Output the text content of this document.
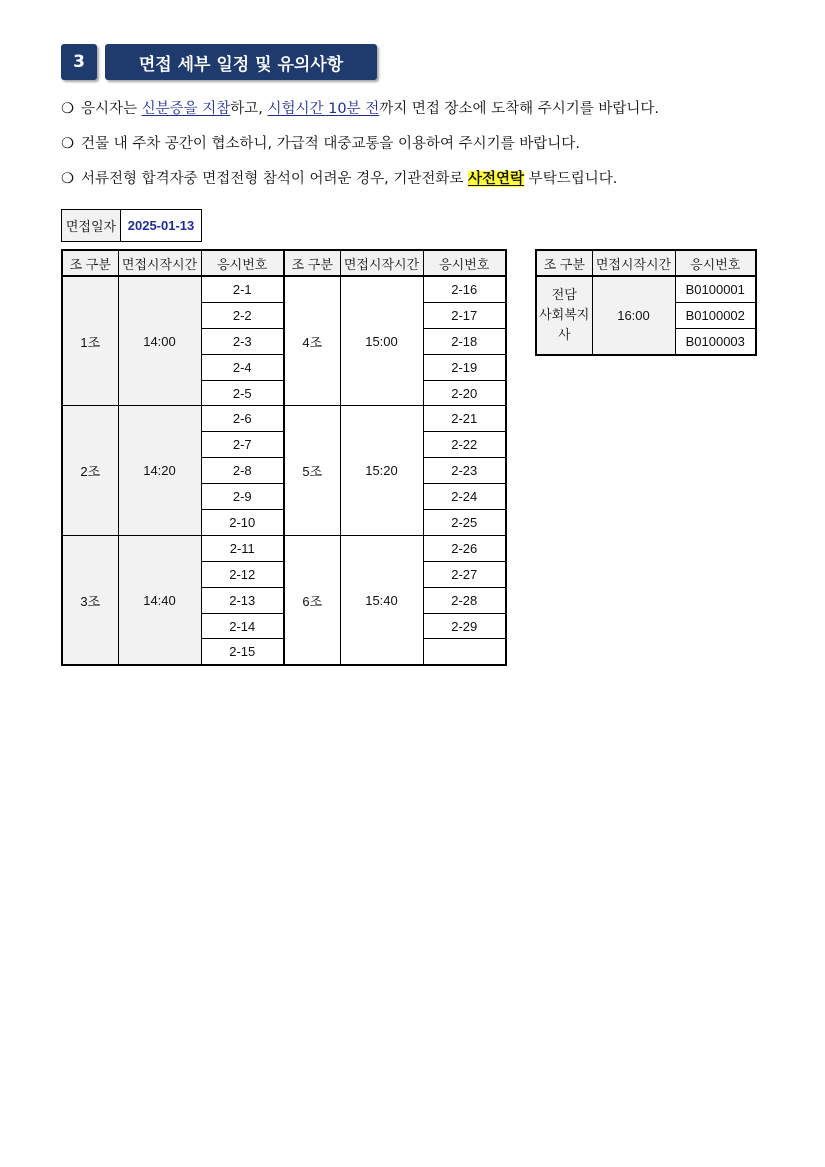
3	면접 세부 일정 및 유의사항
❍ 응시자는 신분증을 지참하고, 시험시간 10분 전까지 면접 장소에 도착해 주시기를 바랍니다.
❍ 건물 내 주차 공간이 협소하니, 가급적 대중교통을 이용하여 주시기를 바랍니다.
❍ 서류전형 합격자중 면접전형 참석이 어려운 경우, 기관전화로 사전연락 부탁드립니다.
면접일자	2025-01-13
조 구분	면접시작시간	응시번호	조 구분	면접시작시간	응시번호
1조	14:00	2-1	4조	15:00	2-16
		2-2			2-17
		2-3			2-18
		2-4			2-19
		2-5			2-20
2조	14:20	2-6	5조	15:20	2-21
		2-7			2-22
		2-8			2-23
		2-9			2-24
		2-10			2-25
3조	14:40	2-11	6조	15:40	2-26
		2-12			2-27
		2-13			2-28
		2-14			2-29
		2-15			
조 구분	면접시작시간	응시번호

전담
사회복지사	16:00	B0100001
		B0100002
		B0100003
